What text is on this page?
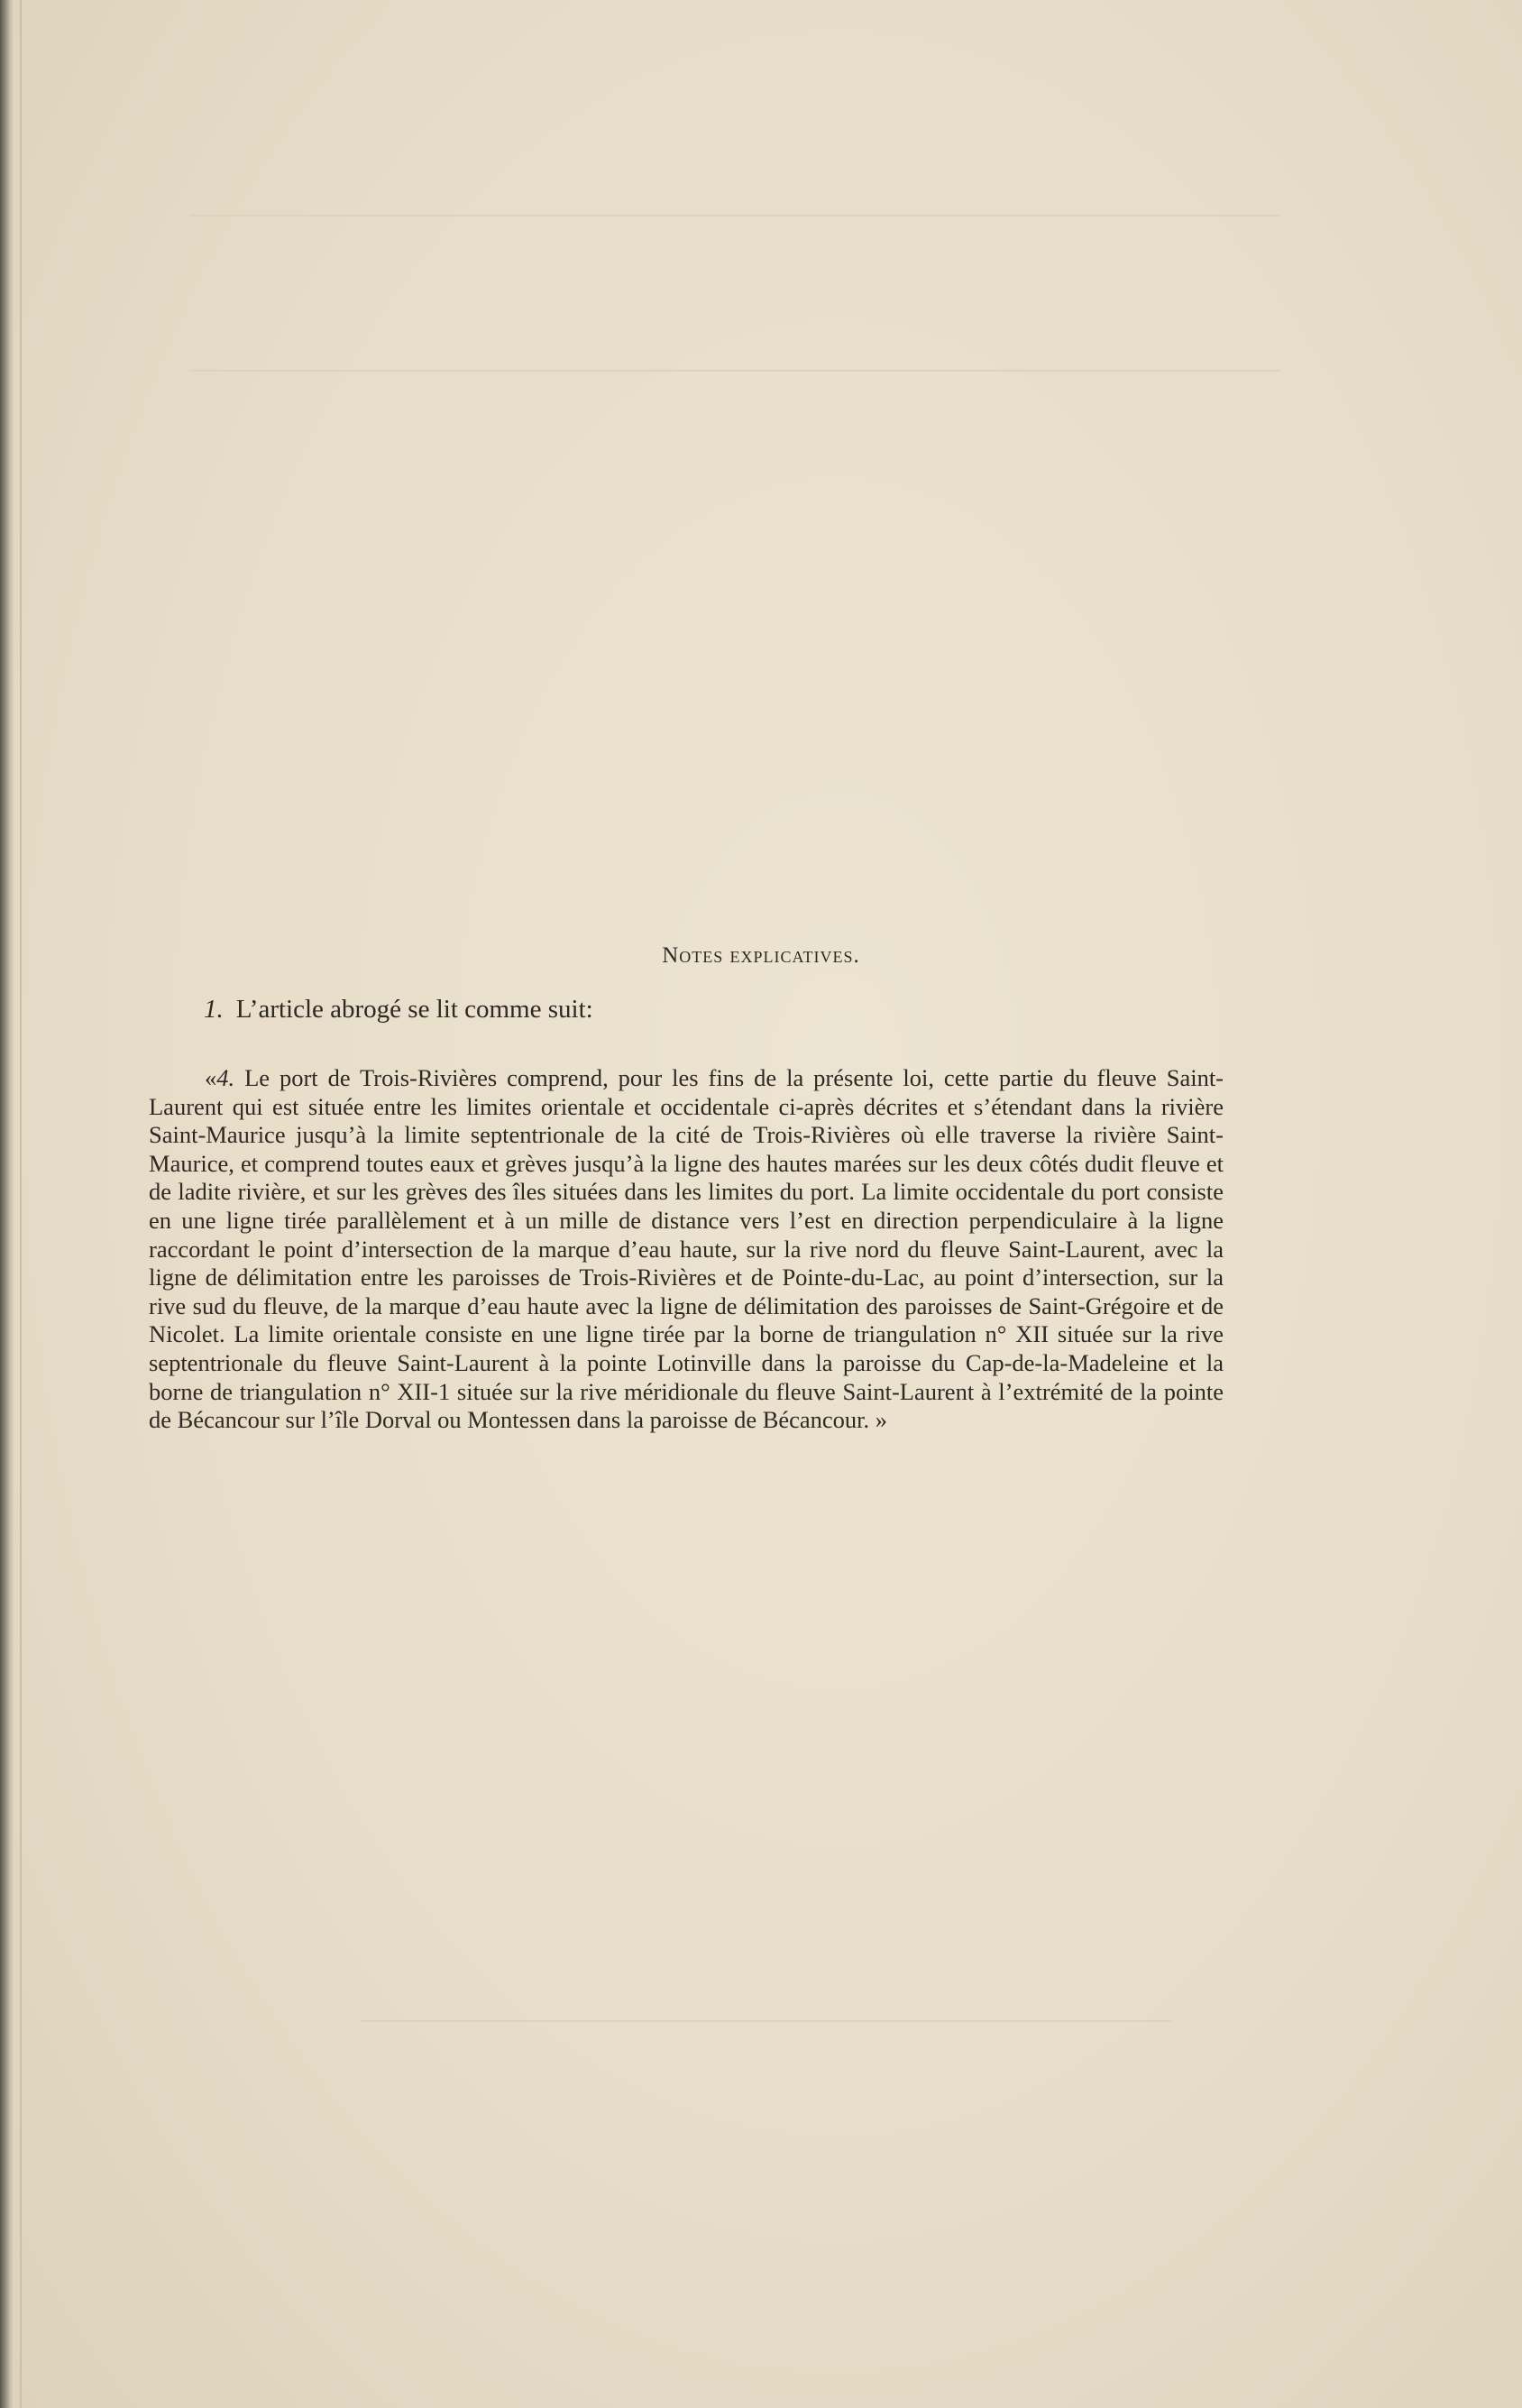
Notes explicatives.
1. L’article abrogé se lit comme suit:
«4. Le port de Trois-Rivières comprend, pour les fins de la présente loi, cette partie du fleuve Saint-Laurent qui est située entre les limites orientale et occidentale ci-après décrites et s’étendant dans la rivière Saint-Maurice jusqu’à la limite septentrionale de la cité de Trois-Rivières où elle traverse la rivière Saint-Maurice, et comprend toutes eaux et grèves jusqu’à la ligne des hautes marées sur les deux côtés dudit fleuve et de ladite rivière, et sur les grèves des îles situées dans les limites du port. La limite occidentale du port consiste en une ligne tirée parallèlement et à un mille de distance vers l’est en direction perpendiculaire à la ligne raccordant le point d’intersection de la marque d’eau haute, sur la rive nord du fleuve Saint-Laurent, avec la ligne de délimitation entre les paroisses de Trois-Rivières et de Pointe-du-Lac, au point d’intersection, sur la rive sud du fleuve, de la marque d’eau haute avec la ligne de délimitation des paroisses de Saint-Grégoire et de Nicolet. La limite orientale consiste en une ligne tirée par la borne de triangulation n° XII située sur la rive septentrionale du fleuve Saint-Laurent à la pointe Lotinville dans la paroisse du Cap-de-la-Madeleine et la borne de triangulation n° XII-1 située sur la rive méridionale du fleuve Saint-Laurent à l’extrémité de la pointe de Bécancour sur l’île Dorval ou Montessen dans la paroisse de Bécancour. »
